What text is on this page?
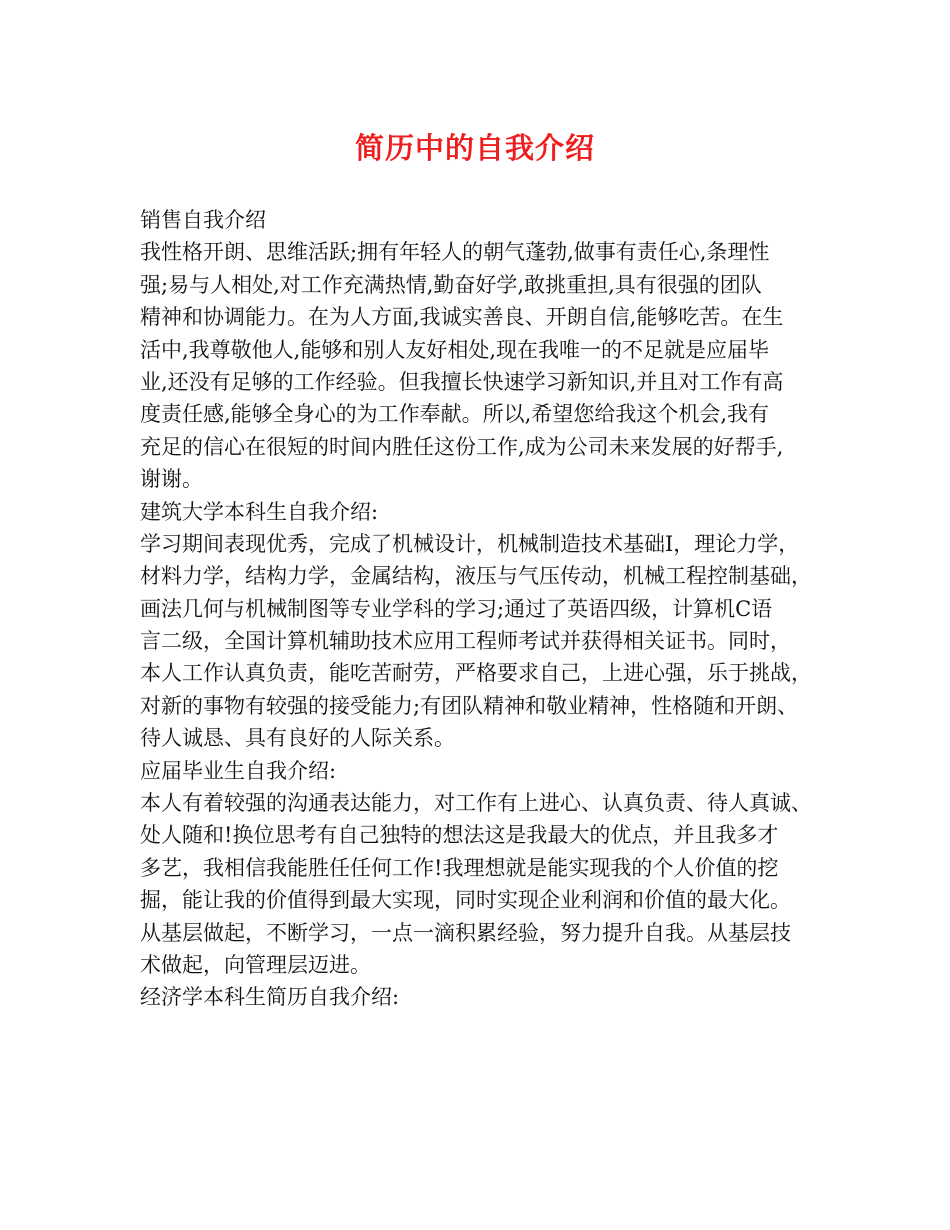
简历中的自我介绍

销售自我介绍

我性格开朗、思维活跃;拥有年轻人的朝气蓬勃,做事有责任心,条理性

强;易与人相处,对工作充满热情,勤奋好学,敢挑重担,具有很强的团队

精神和协调能力。在为人方面,我诚实善良、开朗自信,能够吃苦。在生

活中,我尊敬他人,能够和别人友好相处,现在我唯一的不足就是应届毕

业,还没有足够的工作经验。但我擅长快速学习新知识,并且对工作有高

度责任感,能够全身心的为工作奉献。所以,希望您给我这个机会,我有

充足的信心在很短的时间内胜任这份工作,成为公司未来发展的好帮手,

谢谢。

建筑大学本科生自我介绍:

学习期间表现优秀，完成了机械设计，机械制造技术基础Ⅰ，理论力学，

材料力学，结构力学，金属结构，液压与气压传动，机械工程控制基础，

画法几何与机械制图等专业学科的学习;通过了英语四级，计算机C语

言二级，全国计算机辅助技术应用工程师考试并获得相关证书。同时，

本人工作认真负责，能吃苦耐劳，严格要求自己，上进心强，乐于挑战，

对新的事物有较强的接受能力;有团队精神和敬业精神，性格随和开朗、

待人诚恳、具有良好的人际关系。

应届毕业生自我介绍:

本人有着较强的沟通表达能力，对工作有上进心、认真负责、待人真诚、

处人随和!换位思考有自己独特的想法这是我最大的优点，并且我多才

多艺，我相信我能胜任任何工作!我理想就是能实现我的个人价值的挖

掘，能让我的价值得到最大实现，同时实现企业利润和价值的最大化。

从基层做起，不断学习，一点一滴积累经验，努力提升自我。从基层技

术做起，向管理层迈进。

经济学本科生简历自我介绍:
